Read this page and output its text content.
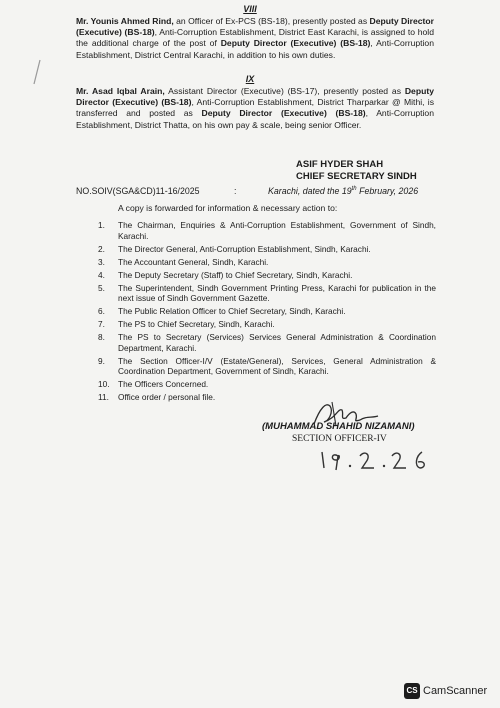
VIII
Mr. Younis Ahmed Rind, an Officer of Ex-PCS (BS-18), presently posted as Deputy Director (Executive) (BS-18), Anti-Corruption Establishment, District East Karachi, is assigned to hold the additional charge of the post of Deputy Director (Executive) (BS-18), Anti-Corruption Establishment, District Central Karachi, in addition to his own duties.
IX
Mr. Asad Iqbal Arain, Assistant Director (Executive) (BS-17), presently posted as Deputy Director (Executive) (BS-18), Anti-Corruption Establishment, District Tharparkar @ Mithi, is transferred and posted as Deputy Director (Executive) (BS-18), Anti-Corruption Establishment, District Thatta, on his own pay & scale, being senior Officer.
ASIF HYDER SHAH
CHIEF SECRETARY SINDH
NO.SOIV(SGA&CD)11-16/2025	:	Karachi, dated the 19th February, 2026
A copy is forwarded for information & necessary action to:
1. The Chairman, Enquiries & Anti-Corruption Establishment, Government of Sindh, Karachi.
2. The Director General, Anti-Corruption Establishment, Sindh, Karachi.
3. The Accountant General, Sindh, Karachi.
4. The Deputy Secretary (Staff) to Chief Secretary, Sindh, Karachi.
5. The Superintendent, Sindh Government Printing Press, Karachi for publication in the next issue of Sindh Government Gazette.
6. The Public Relation Officer to Chief Secretary, Sindh, Karachi.
7. The PS to Chief Secretary, Sindh, Karachi.
8. The PS to Secretary (Services) Services General Administration & Coordination Department, Karachi.
9. The Section Officer-I/V (Estate/General), Services, General Administration & Coordination Department, Government of Sindh, Karachi.
10. The Officers Concerned.
11. Office order / personal file.
(MUHAMMAD SHAHID NIZAMANI)
SECTION OFFICER-IV
CS CamScanner
